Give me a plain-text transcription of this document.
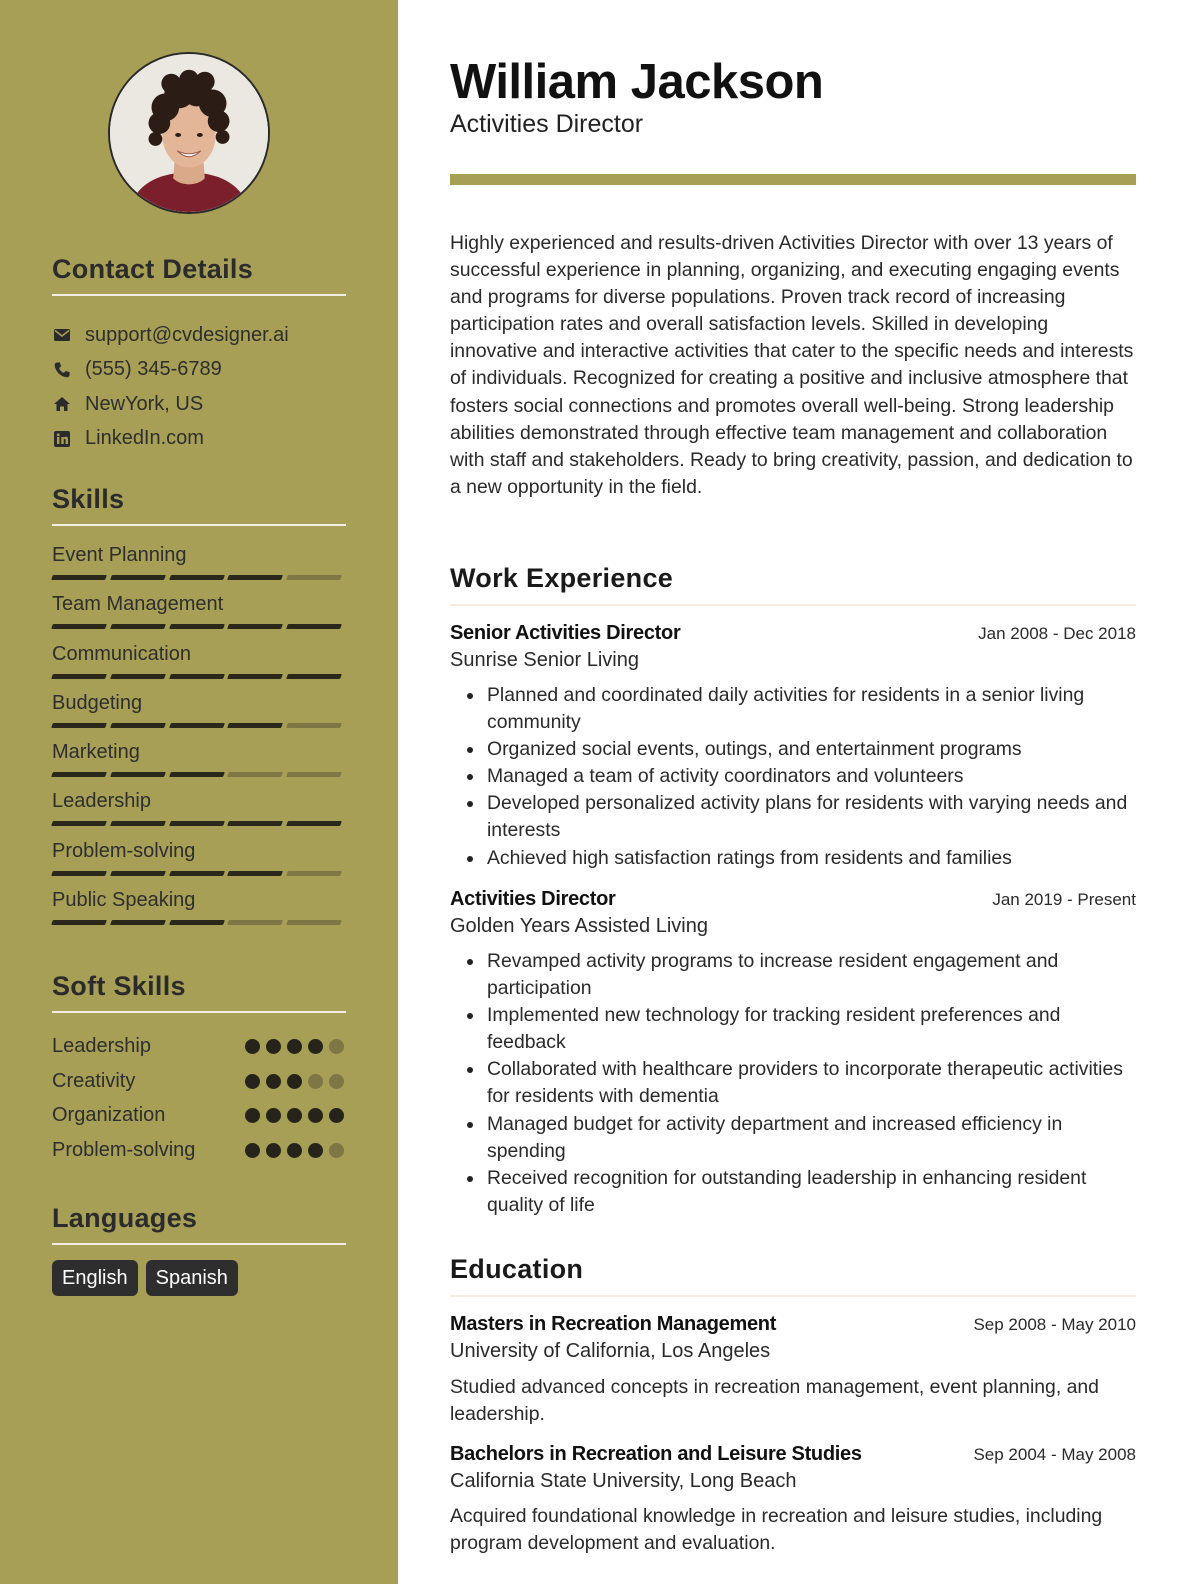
Contact Details
support@cvdesigner.ai
(555) 345-6789
NewYork, US
LinkedIn.com
Skills
Event Planning
Team Management
Communication
Budgeting
Marketing
Leadership
Problem-solving
Public Speaking
Soft Skills
Leadership
Creativity
Organization
Problem-solving
Languages
English	Spanish
William Jackson
Activities Director

Highly experienced and results-driven Activities Director with over 13 years of successful experience in planning, organizing, and executing engaging events and programs for diverse populations. Proven track record of increasing participation rates and overall satisfaction levels. Skilled in developing innovative and interactive activities that cater to the specific needs and interests of individuals. Recognized for creating a positive and inclusive atmosphere that fosters social connections and promotes overall well-being. Strong leadership abilities demonstrated through effective team management and collaboration with staff and stakeholders. Ready to bring creativity, passion, and dedication to a new opportunity in the field.

Work Experience
Senior Activities Director	Jan 2008 - Dec 2018
Sunrise Senior Living
Planned and coordinated daily activities for residents in a senior living community
Organized social events, outings, and entertainment programs
Managed a team of activity coordinators and volunteers
Developed personalized activity plans for residents with varying needs and interests
Achieved high satisfaction ratings from residents and families
Activities Director	Jan 2019 - Present
Golden Years Assisted Living
Revamped activity programs to increase resident engagement and participation
Implemented new technology for tracking resident preferences and feedback
Collaborated with healthcare providers to incorporate therapeutic activities for residents with dementia
Managed budget for activity department and increased efficiency in spending
Received recognition for outstanding leadership in enhancing resident quality of life
Education
Masters in Recreation Management	Sep 2008 - May 2010
University of California, Los Angeles

Studied advanced concepts in recreation management, event planning, and leadership.

Bachelors in Recreation and Leisure Studies	Sep 2004 - May 2008
California State University, Long Beach

Acquired foundational knowledge in recreation and leisure studies, including program development and evaluation.
